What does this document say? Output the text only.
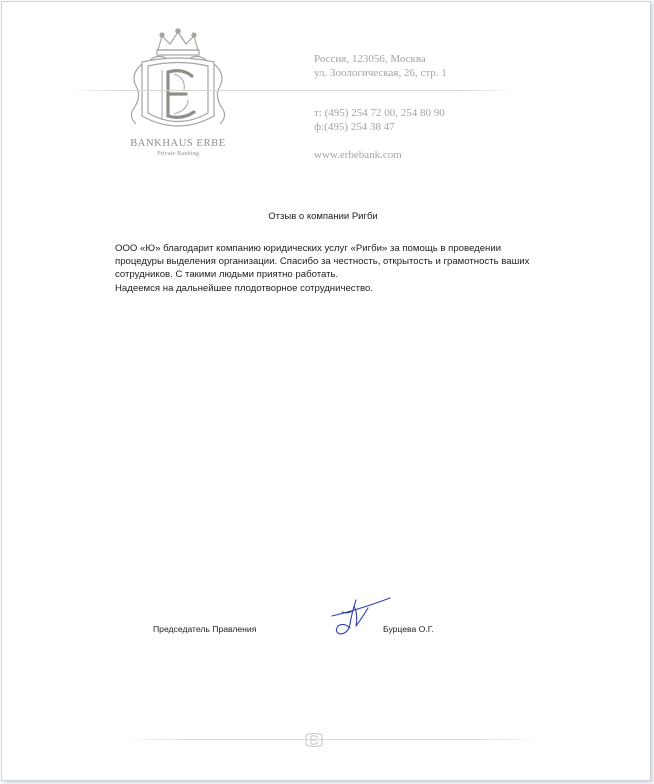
BANKHAUS ERBE
Private Banking
Россия, 123056, Москва
ул. Зоологическая, 26, стр. 1
т: (495) 254 72 00, 254 80 90
ф:(495) 254 38 47
www.erbebank.com
Отзыв о компании Ригби
ООО «Ю» благодарит компанию юридических услуг «Ригби» за помощь в проведении
процедуры выделения организации. Спасибо за честность, открытость и грамотность ваших
сотрудников. С такими людьми приятно работать.
Надеемся на дальнейшее плодотворное сотрудничество.
Председатель Правления	Бурцева О.Г.
